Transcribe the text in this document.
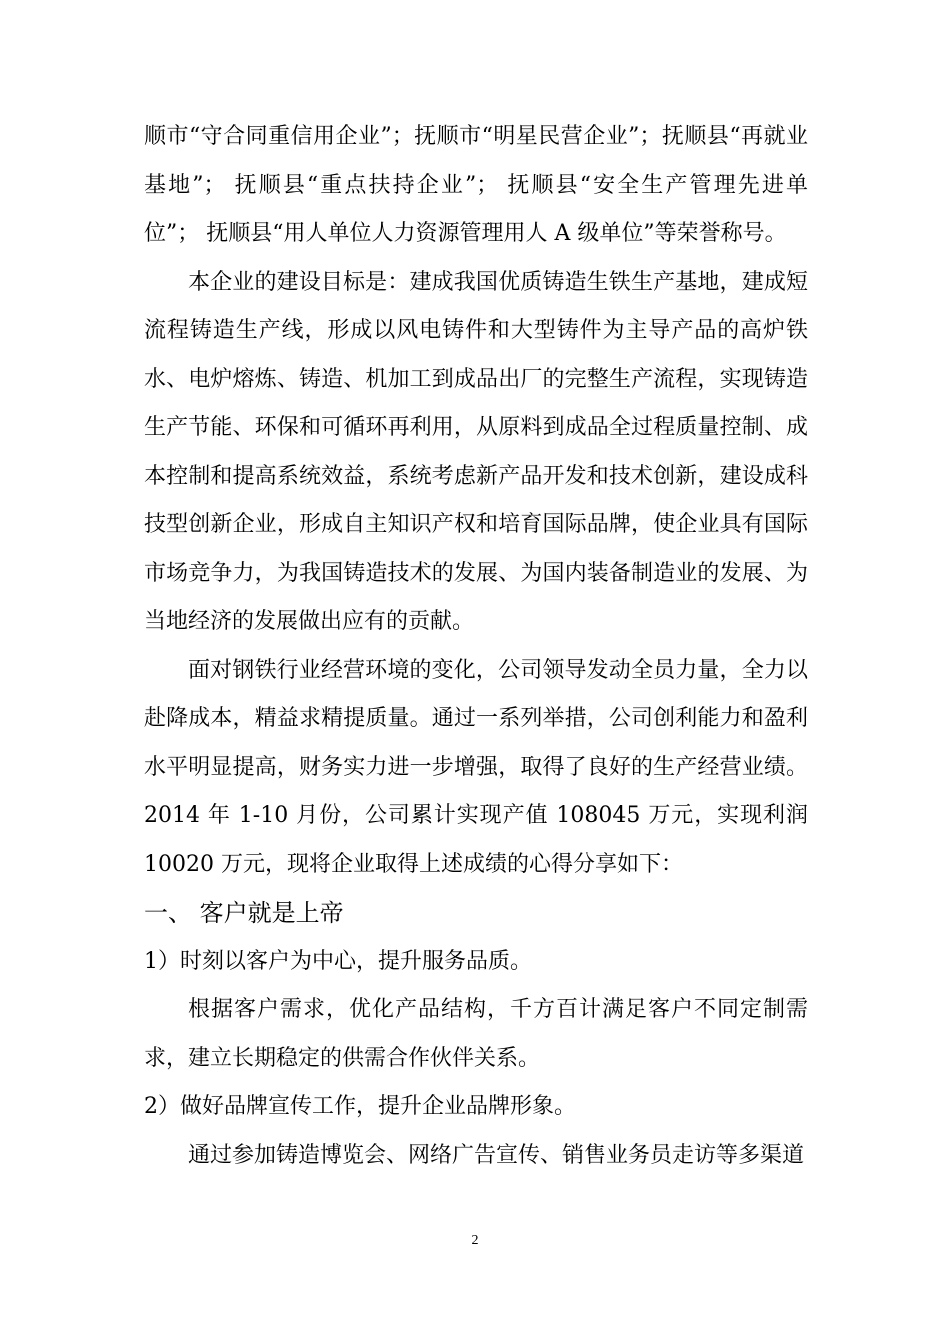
顺市“守合同重信用企业”；抚顺市“明星民营企业”；抚顺县“再就业基地”； 抚顺县“重点扶持企业”； 抚顺县“安全生产管理先进单位”； 抚顺县“用人单位人力资源管理用人 A 级单位”等荣誉称号。

本企业的建设目标是：建成我国优质铸造生铁生产基地，建成短流程铸造生产线，形成以风电铸件和大型铸件为主导产品的高炉铁水、电炉熔炼、铸造、机加工到成品出厂的完整生产流程，实现铸造生产节能、环保和可循环再利用，从原料到成品全过程质量控制、成本控制和提高系统效益，系统考虑新产品开发和技术创新，建设成科技型创新企业，形成自主知识产权和培育国际品牌，使企业具有国际市场竞争力，为我国铸造技术的发展、为国内装备制造业的发展、为当地经济的发展做出应有的贡献。

面对钢铁行业经营环境的变化，公司领导发动全员力量，全力以赴降成本，精益求精提质量。通过一系列举措，公司创利能力和盈利水平明显提高，财务实力进一步增强，取得了良好的生产经营业绩。2014 年 1-10 月份，公司累计实现产值 108045 万元，实现利润 10020 万元，现将企业取得上述成绩的心得分享如下：

一、 客户就是上帝

1）时刻以客户为中心，提升服务品质。

根据客户需求，优化产品结构，千方百计满足客户不同定制需求，建立长期稳定的供需合作伙伴关系。

2）做好品牌宣传工作，提升企业品牌形象。

通过参加铸造博览会、网络广告宣传、销售业务员走访等多渠道

2
